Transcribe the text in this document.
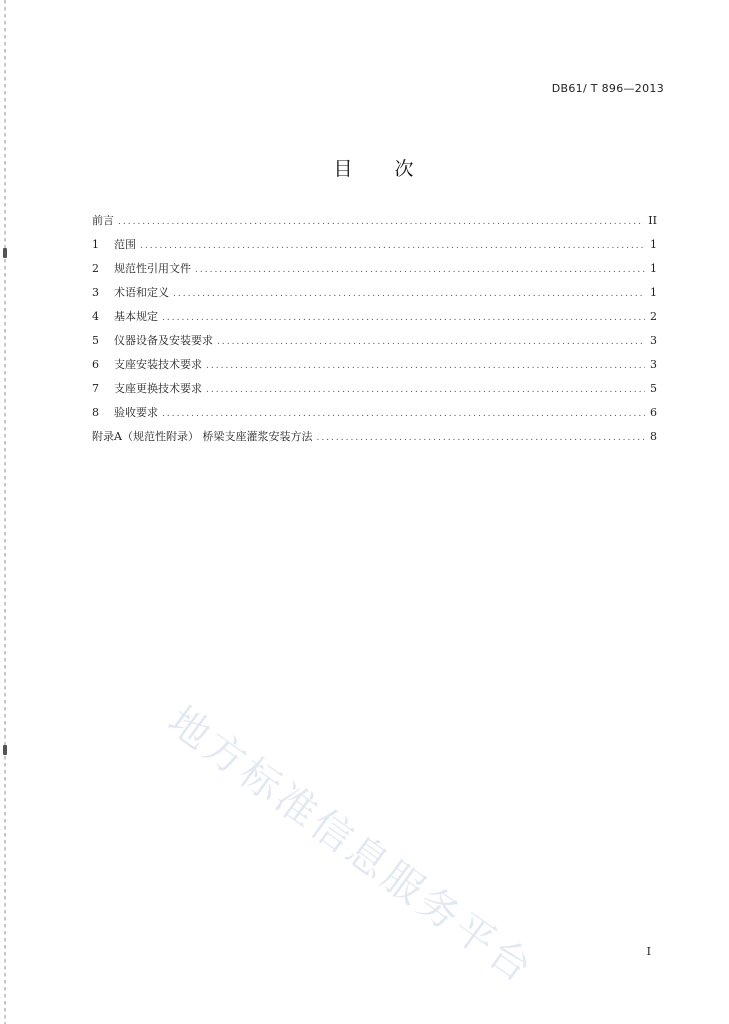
DB61/ T 896—2013
目 次
前言 .....	II
1	范围 .....	1
2	规范性引用文件 .....	1
3	术语和定义 .....	1
4	基本规定 .....	2
5	仪器设备及安装要求 .....	3
6	支座安装技术要求 .....	3
7	支座更换技术要求 .....	5
8	验收要求 .....	6
附录A（规范性附录） 桥梁支座灌浆安装方法 .....	8
地方标准信息服务平台	I
